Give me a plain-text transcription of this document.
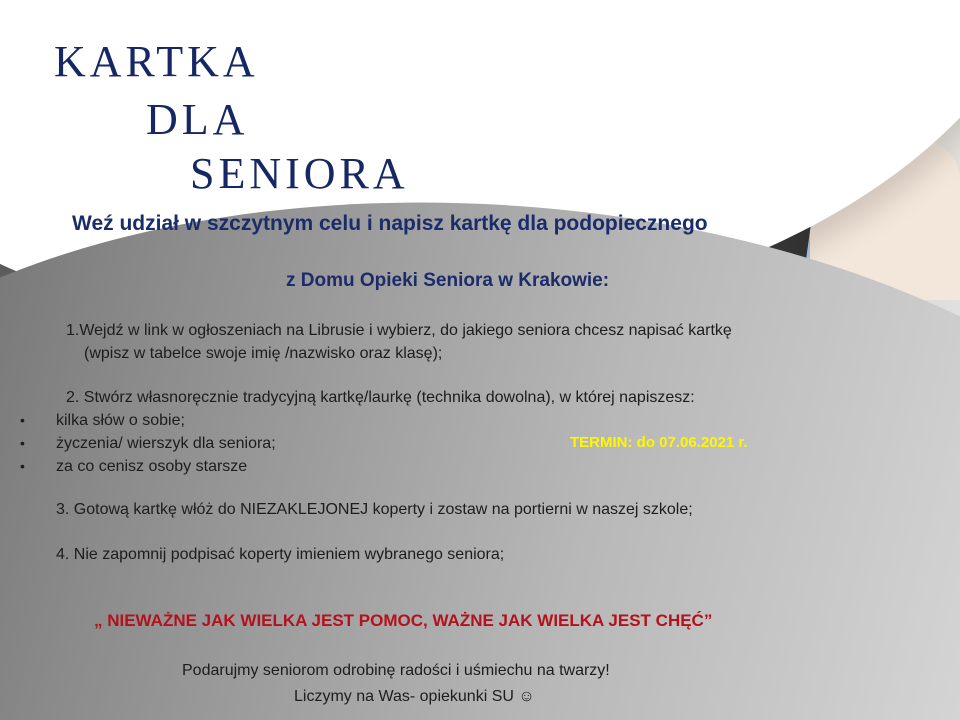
KARTKA
DLA
SENIORA
Weź udział w szczytnym celu i napisz kartkę dla podopiecznego
z Domu Opieki Seniora w Krakowie:
1.Wejdź w link w ogłoszeniach na Librusie i wybierz, do jakiego seniora chcesz napisać kartkę
(wpisz w tabelce swoje imię /nazwisko oraz klasę);
2. Stwórz własnoręcznie tradycyjną kartkę/laurkę (technika dowolna), w której napiszesz:
• kilka słów o sobie;
• życzenia/ wierszyk dla seniora;
• za co cenisz osoby starsze
TERMIN: do 07.06.2021 r.
3. Gotową kartkę włóż do NIEZAKLEJONEJ koperty i zostaw na portierni w naszej szkole;
4. Nie zapomnij podpisać koperty imieniem wybranego seniora;
„ NIEWAŻNE JAK WIELKA JEST POMOC, WAŻNE JAK WIELKA JEST CHĘĆ”
Podarujmy seniorom odrobinę radości i uśmiechu na twarzy!
Liczymy na Was- opiekunki SU ☺
